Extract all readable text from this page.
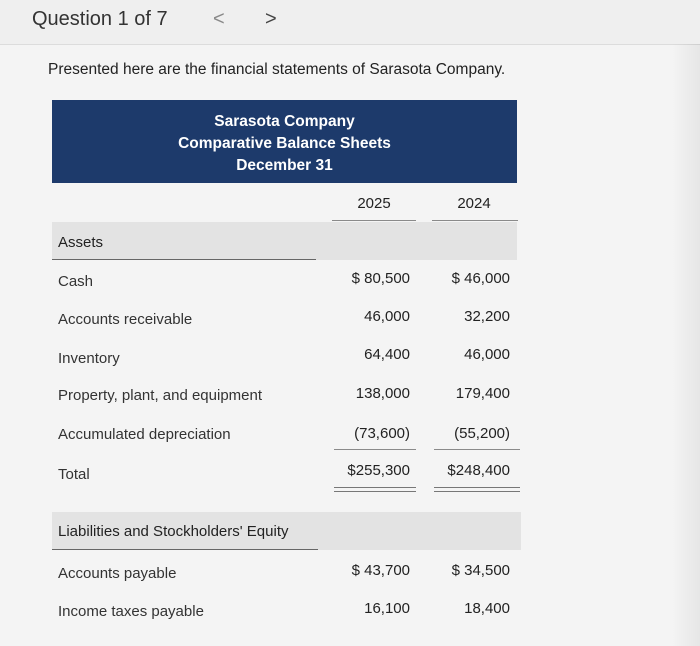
Question 1 of 7 < >
Presented here are the financial statements of Sarasota Company.
Sarasota Company
Comparative Balance Sheets
December 31
2025	2024
Assets
Cash	$ 80,500	$ 46,000
Accounts receivable	46,000	32,200
Inventory	64,400	46,000
Property, plant, and equipment	138,000	179,400
Accumulated depreciation	(73,600)	(55,200)
Total	$255,300	$248,400
Liabilities and Stockholders' Equity
Accounts payable	$ 43,700	$ 34,500
Income taxes payable	16,100	18,400
